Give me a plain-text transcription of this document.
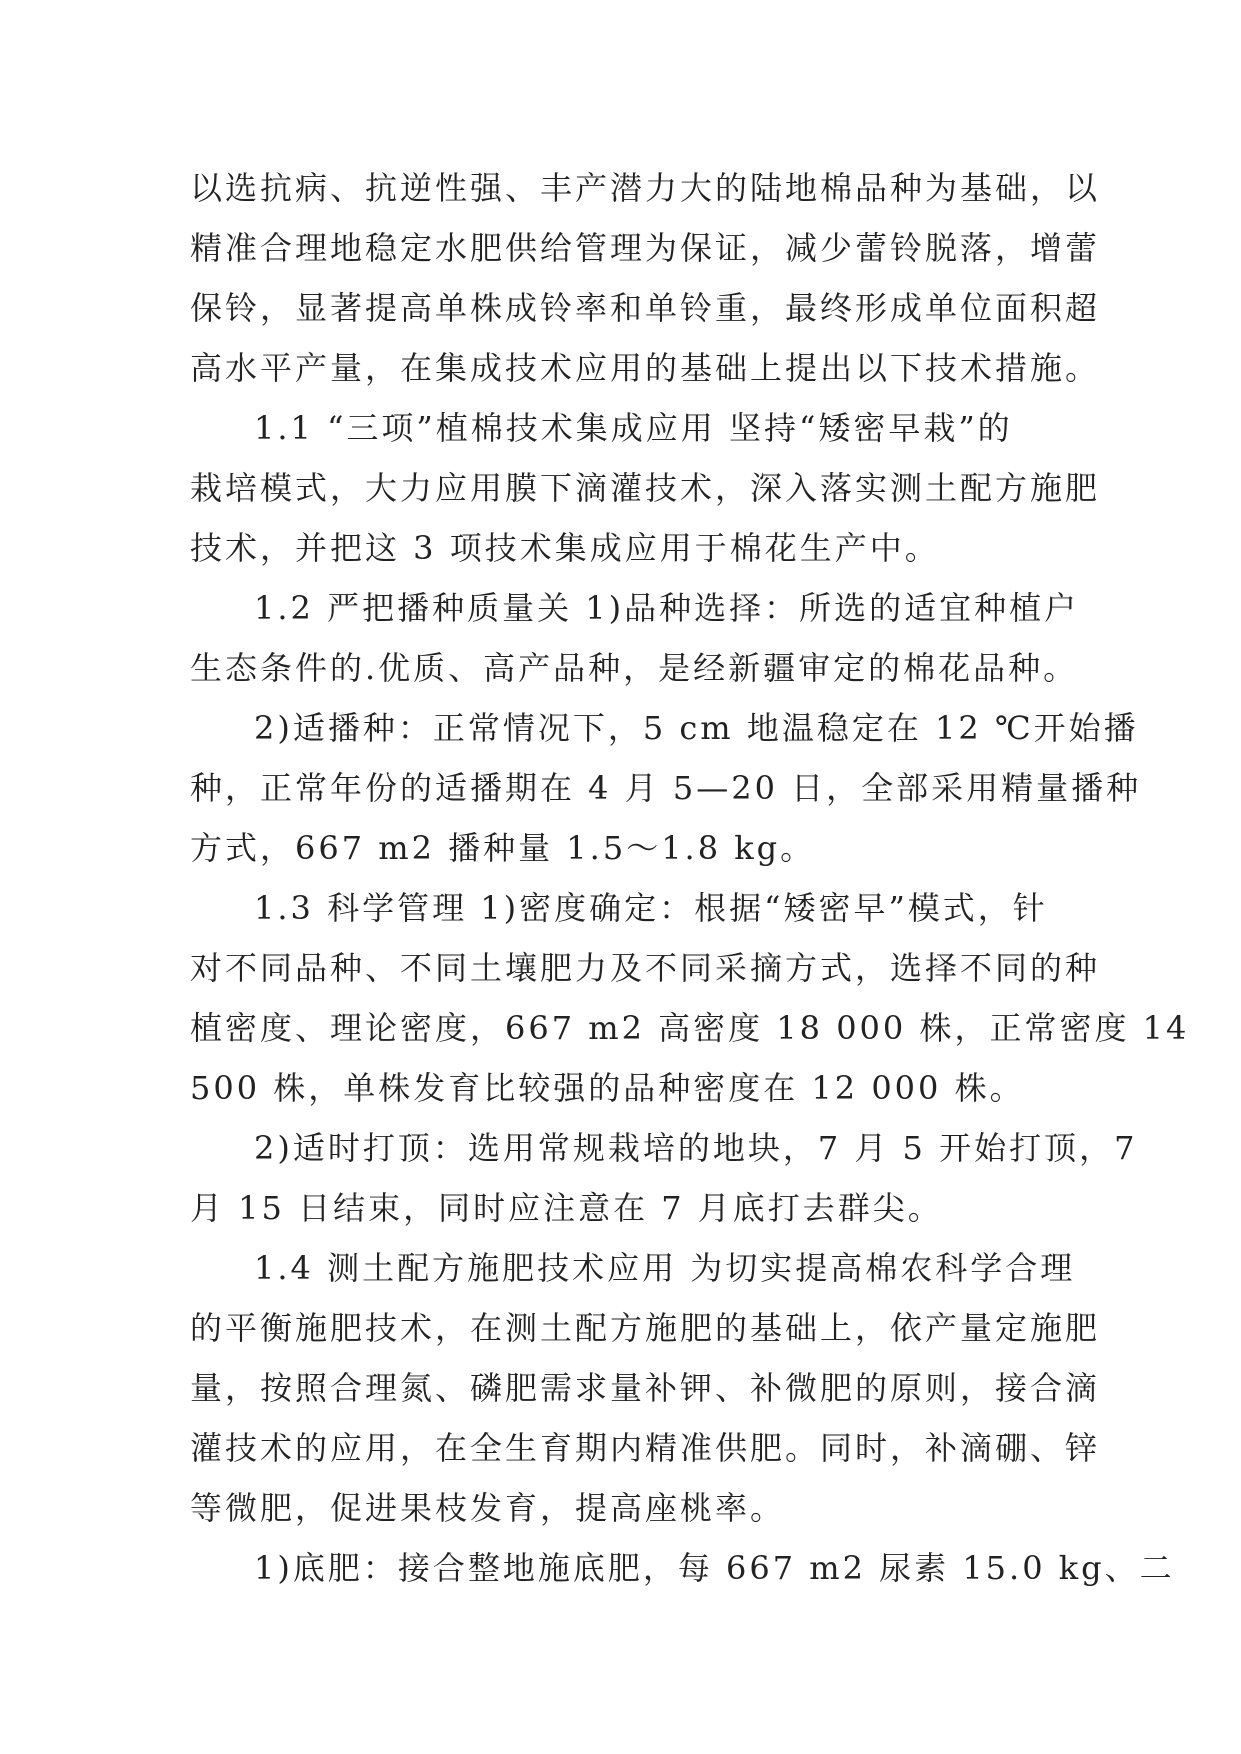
以选抗病、抗逆性强、丰产潜力大的陆地棉品种为基础，以
精准合理地稳定水肥供给管理为保证，减少蕾铃脱落，增蕾
保铃，显著提高单株成铃率和单铃重，最终形成单位面积超
高水平产量，在集成技术应用的基础上提出以下技术措施。
1.1 “三项”植棉技术集成应用 坚持“矮密早栽”的
栽培模式，大力应用膜下滴灌技术，深入落实测土配方施肥
技术，并把这 3 项技术集成应用于棉花生产中。
1.2 严把播种质量关 1)品种选择：所选的适宜种植户
生态条件的.优质、高产品种，是经新疆审定的棉花品种。
2)适播种：正常情况下，5 cm 地温稳定在 12 ℃开始播
种，正常年份的适播期在 4 月 5—20 日，全部采用精量播种
方式，667 m2 播种量 1.5～1.8 kg。
1.3 科学管理 1)密度确定：根据“矮密早”模式，针
对不同品种、不同土壤肥力及不同采摘方式，选择不同的种
植密度、理论密度，667 m2 高密度 18 000 株，正常密度 14
500 株，单株发育比较强的品种密度在 12 000 株。
2)适时打顶：选用常规栽培的地块，7 月 5 开始打顶，7
月 15 日结束，同时应注意在 7 月底打去群尖。
1.4 测土配方施肥技术应用 为切实提高棉农科学合理
的平衡施肥技术，在测土配方施肥的基础上，依产量定施肥
量，按照合理氮、磷肥需求量补钾、补微肥的原则，接合滴
灌技术的应用，在全生育期内精准供肥。同时，补滴硼、锌
等微肥，促进果枝发育，提高座桃率。
1)底肥：接合整地施底肥，每 667 m2 尿素 15.0 kg、二
